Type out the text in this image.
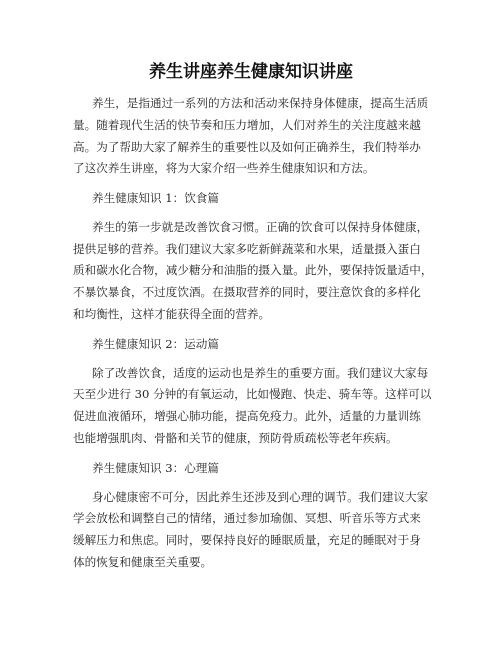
养生讲座养生健康知识讲座
养生，是指通过一系列的方法和活动来保持身体健康，提高生活质
量。随着现代生活的快节奏和压力增加，人们对养生的关注度越来越
高。为了帮助大家了解养生的重要性以及如何正确养生，我们特举办
了这次养生讲座，将为大家介绍一些养生健康知识和方法。
养生健康知识 1：饮食篇
养生的第一步就是改善饮食习惯。正确的饮食可以保持身体健康，
提供足够的营养。我们建议大家多吃新鲜蔬菜和水果，适量摄入蛋白
质和碳水化合物，减少糖分和油脂的摄入量。此外，要保持饭量适中，
不暴饮暴食，不过度饮酒。在摄取营养的同时，要注意饮食的多样化
和均衡性，这样才能获得全面的营养。
养生健康知识 2：运动篇
除了改善饮食，适度的运动也是养生的重要方面。我们建议大家每
天至少进行 30 分钟的有氧运动，比如慢跑、快走、骑车等。这样可以
促进血液循环，增强心肺功能，提高免疫力。此外，适量的力量训练
也能增强肌肉、骨骼和关节的健康，预防骨质疏松等老年疾病。
养生健康知识 3：心理篇
身心健康密不可分，因此养生还涉及到心理的调节。我们建议大家
学会放松和调整自己的情绪，通过参加瑜伽、冥想、听音乐等方式来
缓解压力和焦虑。同时，要保持良好的睡眠质量，充足的睡眠对于身
体的恢复和健康至关重要。
